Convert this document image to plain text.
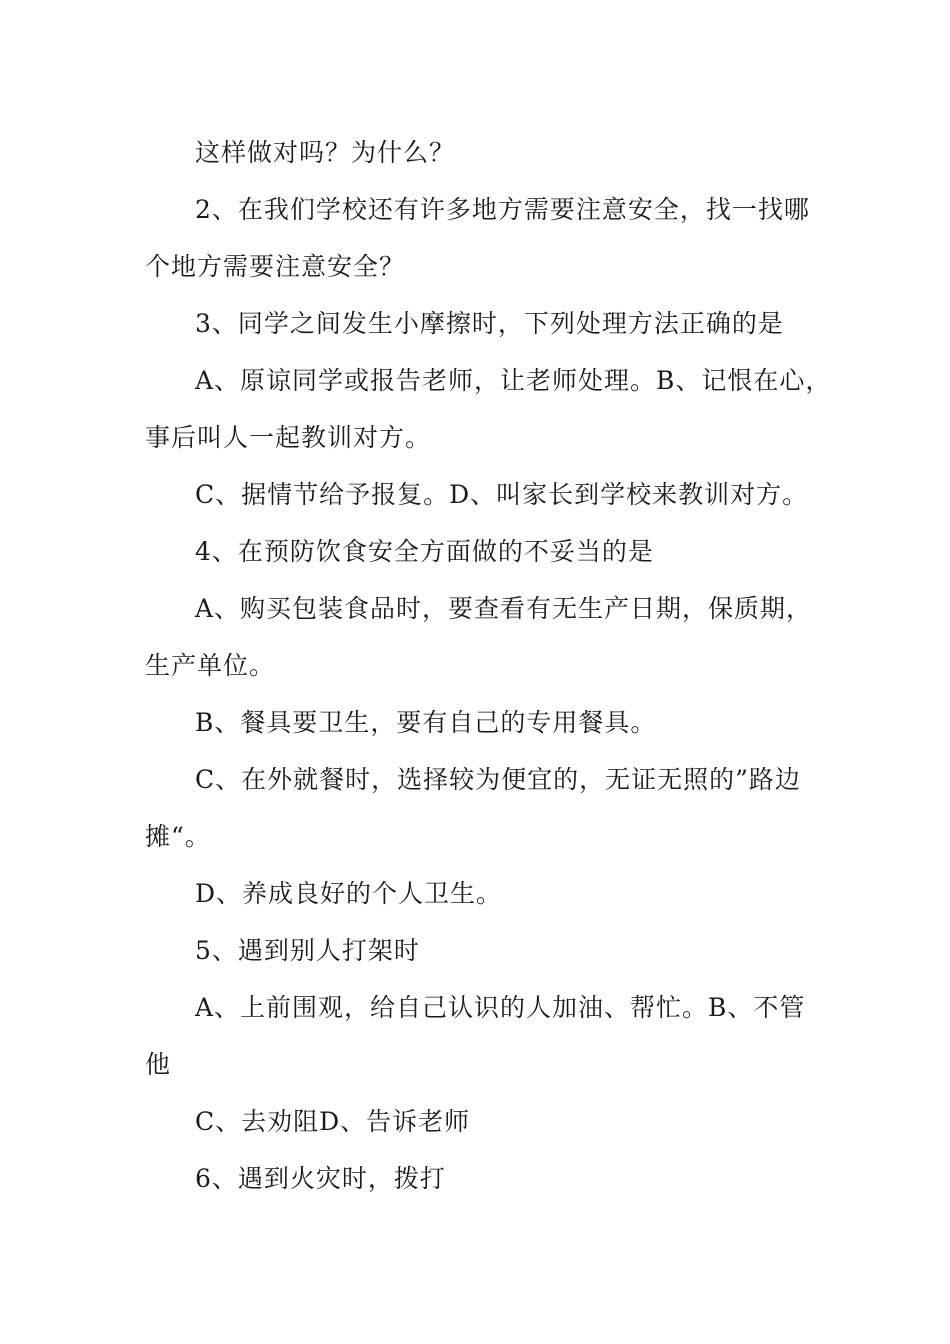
这样做对吗？为什么？
2、在我们学校还有许多地方需要注意安全，找一找哪
个地方需要注意安全？
3、同学之间发生小摩擦时，下列处理方法正确的是
A、原谅同学或报告老师，让老师处理。B、记恨在心，
事后叫人一起教训对方。
C、据情节给予报复。D、叫家长到学校来教训对方。
4、在预防饮食安全方面做的不妥当的是
A、购买包装食品时，要查看有无生产日期，保质期，
生产单位。
B、餐具要卫生，要有自己的专用餐具。
C、在外就餐时，选择较为便宜的，无证无照的”路边
摊“。
D、养成良好的个人卫生。
5、遇到别人打架时
A、上前围观，给自己认识的人加油、帮忙。B、不管
他
C、去劝阻D、告诉老师
6、遇到火灾时，拨打
